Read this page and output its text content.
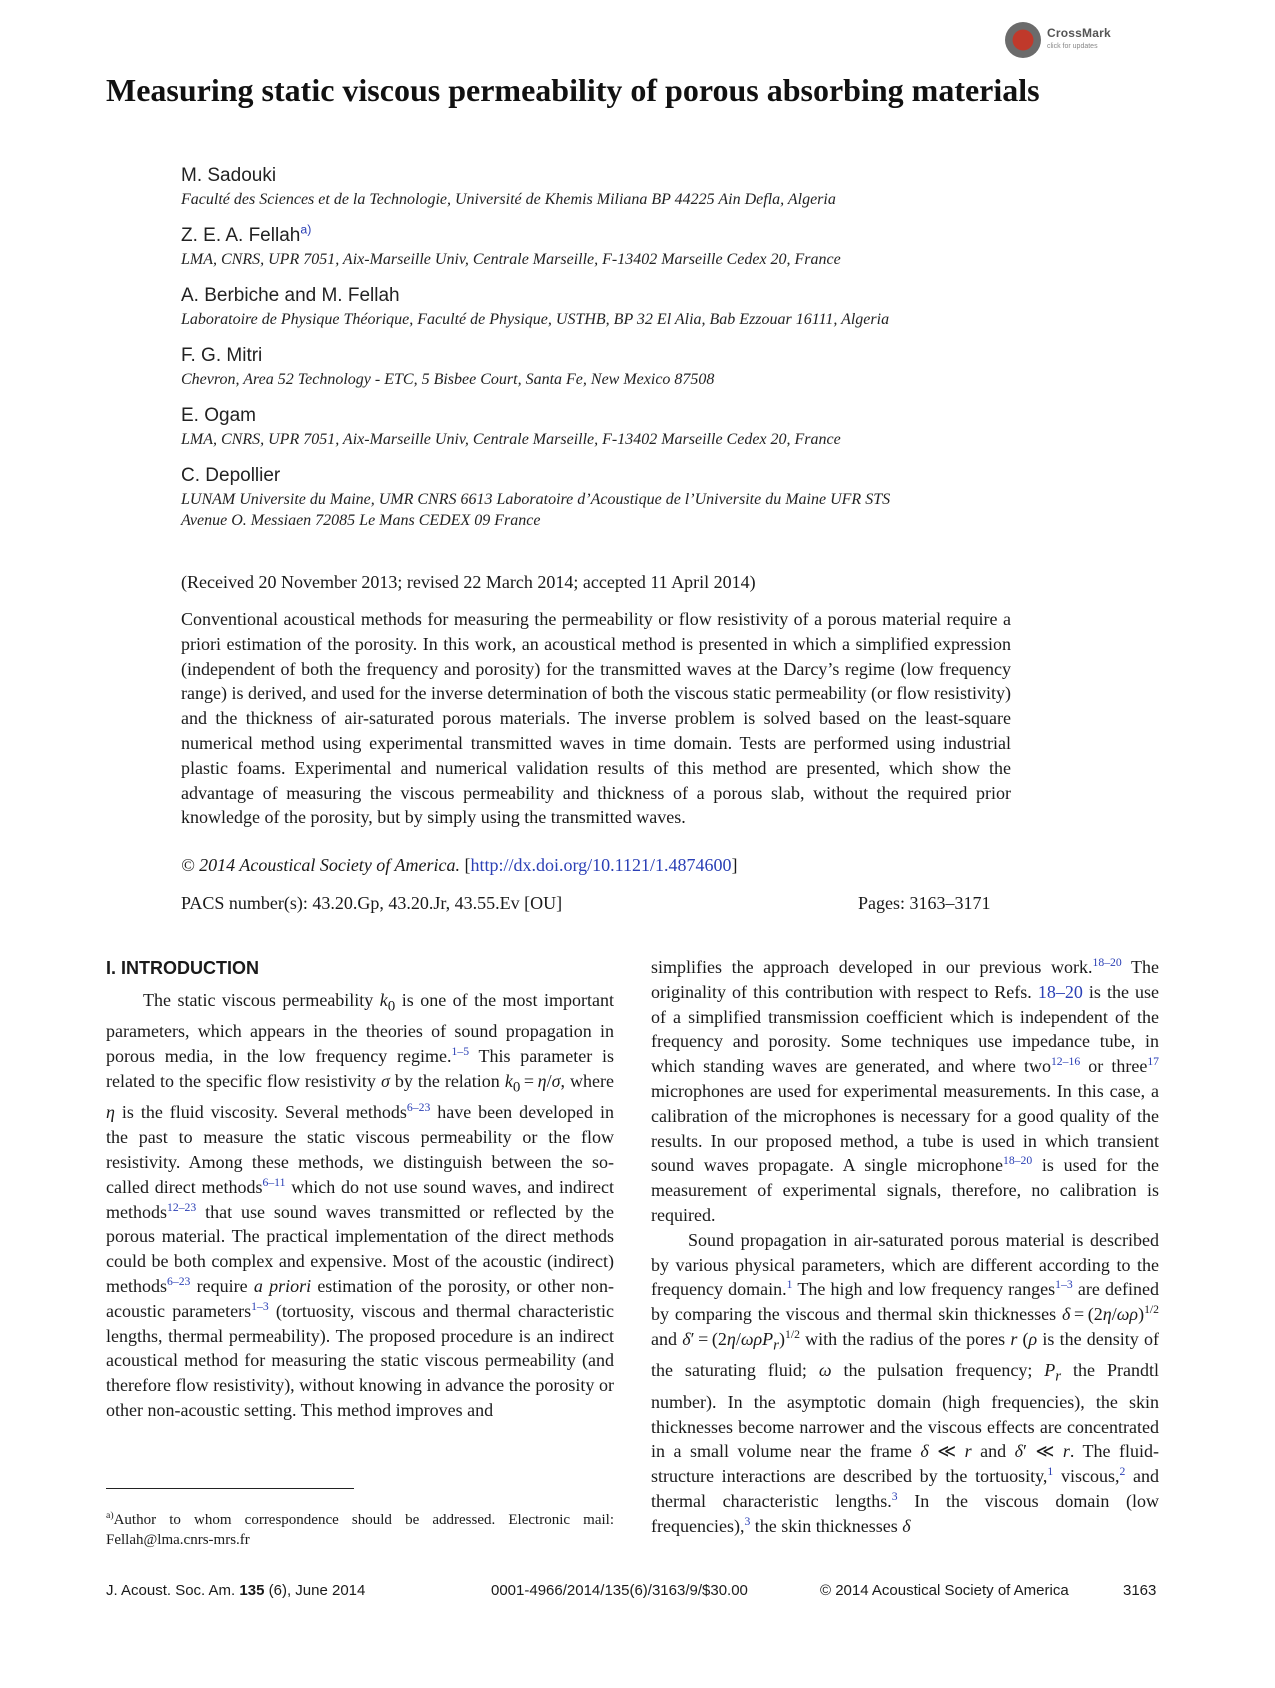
CrossMark
click for updates
Measuring static viscous permeability of porous absorbing materials
M. Sadouki
Faculté des Sciences et de la Technologie, Université de Khemis Miliana BP 44225 Ain Defla, Algeria
Z. E. A. Fellah$^{a)}$
LMA, CNRS, UPR 7051, Aix-Marseille Univ, Centrale Marseille, F-13402 Marseille Cedex 20, France
A. Berbiche and M. Fellah
Laboratoire de Physique Théorique, Faculté de Physique, USTHB, BP 32 El Alia, Bab Ezzouar 16111, Algeria
F. G. Mitri
Chevron, Area 52 Technology - ETC, 5 Bisbee Court, Santa Fe, New Mexico 87508
E. Ogam
LMA, CNRS, UPR 7051, Aix-Marseille Univ, Centrale Marseille, F-13402 Marseille Cedex 20, France
C. Depollier
LUNAM Universite du Maine, UMR CNRS 6613 Laboratoire d’Acoustique de l’Universite du Maine UFR STS
Avenue O. Messiaen 72085 Le Mans CEDEX 09 France
(Received 20 November 2013; revised 22 March 2014; accepted 11 April 2014)

Conventional acoustical methods for measuring the permeability or flow resistivity of a porous material require a priori estimation of the porosity. In this work, an acoustical method is presented in which a simplified expression (independent of both the frequency and porosity) for the transmitted waves at the Darcy’s regime (low frequency range) is derived, and used for the inverse determination of both the viscous static permeability (or flow resistivity) and the thickness of air-saturated porous materials. The inverse problem is solved based on the least-square numerical method using experimental transmitted waves in time domain. Tests are performed using industrial plastic foams. Experimental and numerical validation results of this method are presented, which show the advantage of measuring the viscous permeability and thickness of a porous slab, without the required prior knowledge of the porosity, but by simply using the transmitted waves.

© 2014 Acoustical Society of America. [http://dx.doi.org/10.1121/1.4874600]
PACS number(s): 43.20.Gp, 43.20.Jr, 43.55.Ev [OU]	Pages: 3163–3171
I. INTRODUCTION

The static viscous permeability $k_0$ is one of the most important parameters, which appears in the theories of sound propagation in porous media, in the low frequency regime.$^{1-5}$ This parameter is related to the specific flow resistivity σ by the relation $k_0 = \eta/\sigma$, where η is the fluid viscosity. Several methods$^{6-23}$ have been developed in the past to measure the static viscous permeability or the flow resistivity. Among these methods, we distinguish between the so-called direct methods$^{6-11}$ which do not use sound waves, and indirect methods$^{12-23}$ that use sound waves transmitted or reflected by the porous material. The practical implementation of the direct methods could be both complex and expensive. Most of the acoustic (indirect) methods$^{6-23}$ require a priori estimation of the porosity, or other non-acoustic parameters$^{1-3}$ (tortuosity, viscous and thermal characteristic lengths, thermal permeability). The proposed procedure is an indirect acoustical method for measuring the static viscous permeability (and therefore flow resistivity), without knowing in advance the porosity or other non-acoustic setting. This method improves and

simplifies the approach developed in our previous work.$^{18-20}$ The originality of this contribution with respect to Refs. 18–20 is the use of a simplified transmission coefficient which is independent of the frequency and porosity. Some techniques use impedance tube, in which standing waves are generated, and where two$^{12-16}$ or three$^{17}$ microphones are used for experimental measurements. In this case, a calibration of the microphones is necessary for a good quality of the results. In our proposed method, a tube is used in which transient sound waves propagate. A single microphone$^{18-20}$ is used for the measurement of experimental signals, therefore, no calibration is required.

Sound propagation in air-saturated porous material is described by various physical parameters, which are different according to the frequency domain.$^1$ The high and low frequency ranges$^{1-3}$ are defined by comparing the viscous and thermal skin thicknesses $\delta = (2\eta/\omega\rho)^{1/2}$ and $\delta' = (2\eta/\omega\rho P_r)^{1/2}$ with the radius of the pores r (ρ is the density of the saturating fluid; ω the pulsation frequency; $P_r$ the Prandtl number). In the asymptotic domain (high frequencies), the skin thicknesses become narrower and the viscous effects are concentrated in a small volume near the frame δ ≪ r and δ′ ≪ r. The fluid-structure interactions are described by the tortuosity,$^1$ viscous,$^2$ and thermal characteristic lengths.$^3$ In the viscous domain (low frequencies),$^3$ the skin thicknesses δ

$^{a)}$Author to whom correspondence should be addressed. Electronic mail: Fellah@lma.cnrs-mrs.fr
J. Acoust. Soc. Am. 135 (6), June 2014	0001-4966/2014/135(6)/3163/9/$30.00	© 2014 Acoustical Society of America	3163
